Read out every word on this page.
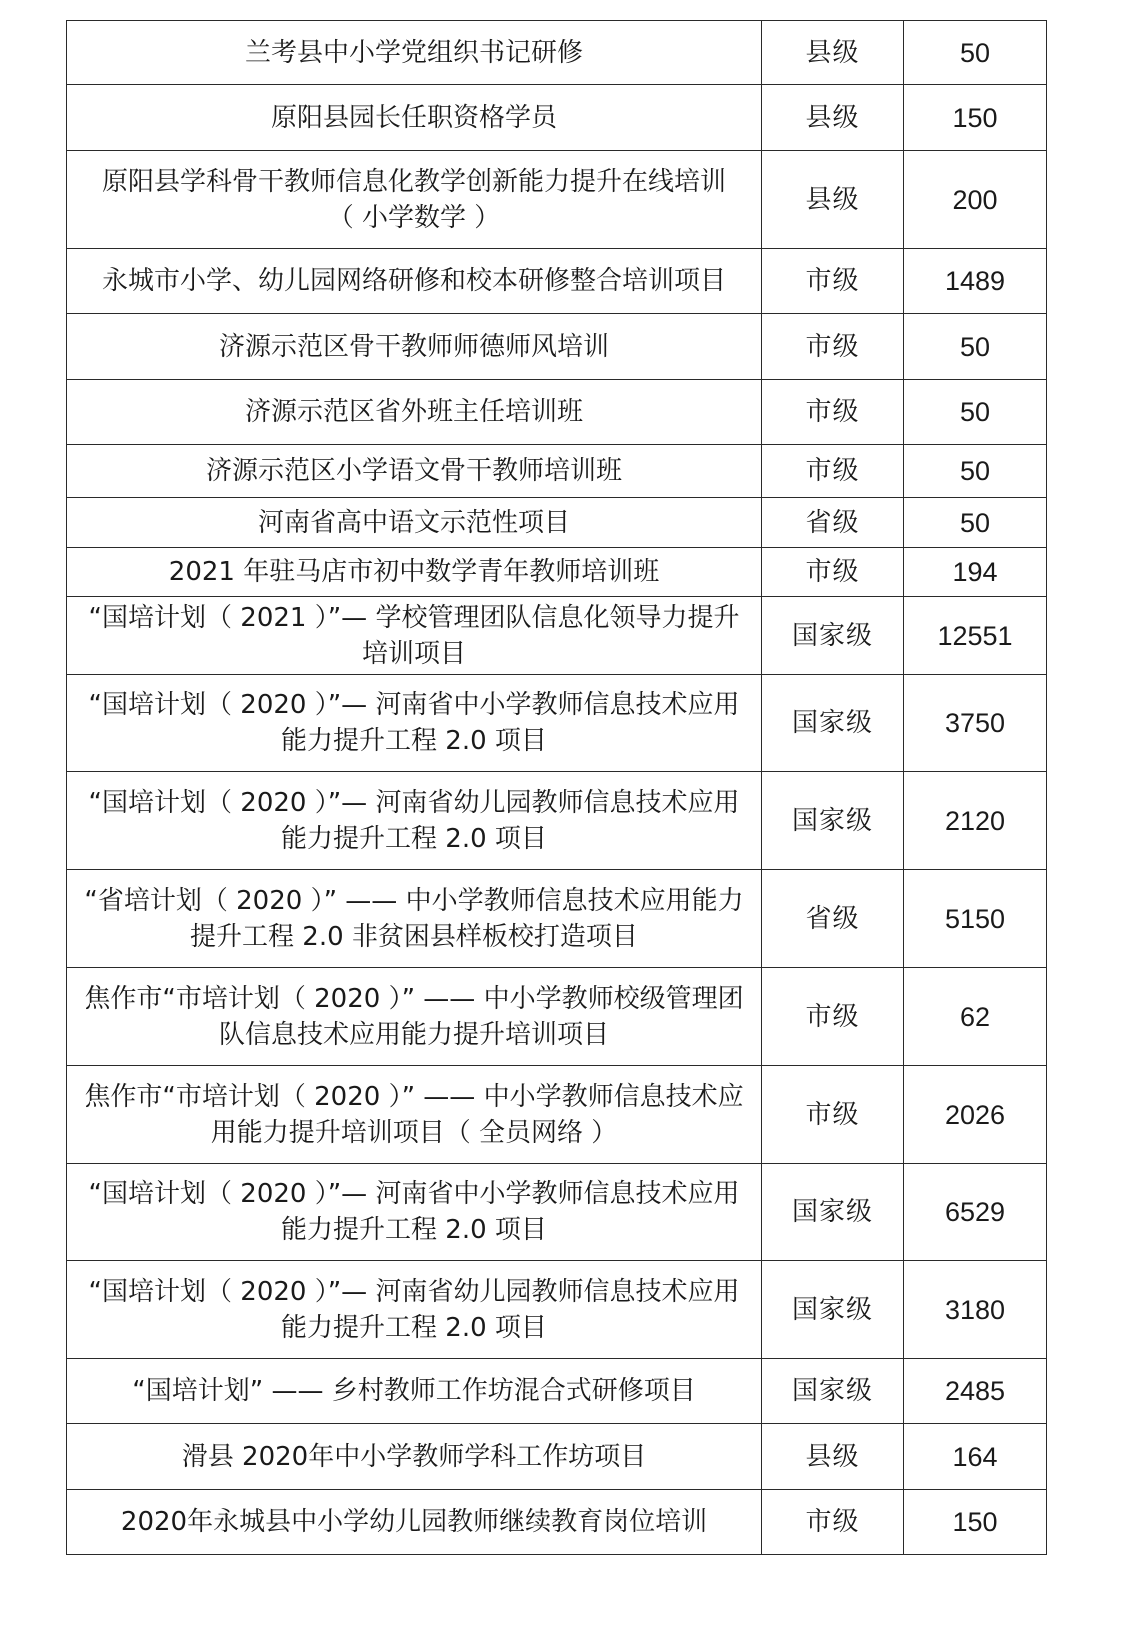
兰考县中小学党组织书记研修	县级	50
原阳县园长任职资格学员	县级	150
原阳县学科骨干教师信息化教学创新能力提升在线培训
（ 小学数学 ）	县级	200
永城市小学、幼儿园网络研修和校本研修整合培训项目	市级	1489
济源示范区骨干教师师德师风培训	市级	50
济源示范区省外班主任培训班	市级	50
济源示范区小学语文骨干教师培训班	市级	50
河南省高中语文示范性项目	省级	50
2021 年驻马店市初中数学青年教师培训班	市级	194
“国培计划（ 2021 ）”— 学校管理团队信息化领导力提升
培训项目	国家级	12551
“国培计划（ 2020 ）”— 河南省中小学教师信息技术应用
能力提升工程 2.0 项目	国家级	3750
“国培计划（ 2020 ）”— 河南省幼儿园教师信息技术应用
能力提升工程 2.0 项目	国家级	2120
“省培计划（ 2020 ）” —— 中小学教师信息技术应用能力
提升工程 2.0 非贫困县样板校打造项目	省级	5150
焦作市“市培计划（ 2020 ）” —— 中小学教师校级管理团
队信息技术应用能力提升培训项目	市级	62
焦作市“市培计划（ 2020 ）” —— 中小学教师信息技术应
用能力提升培训项目（ 全员网络 ）	市级	2026
“国培计划（ 2020 ）”— 河南省中小学教师信息技术应用
能力提升工程 2.0 项目	国家级	6529
“国培计划（ 2020 ）”— 河南省幼儿园教师信息技术应用
能力提升工程 2.0 项目	国家级	3180
“国培计划” —— 乡村教师工作坊混合式研修项目	国家级	2485
滑县 2020年中小学教师学科工作坊项目	县级	164
2020年永城县中小学幼儿园教师继续教育岗位培训	市级	150
